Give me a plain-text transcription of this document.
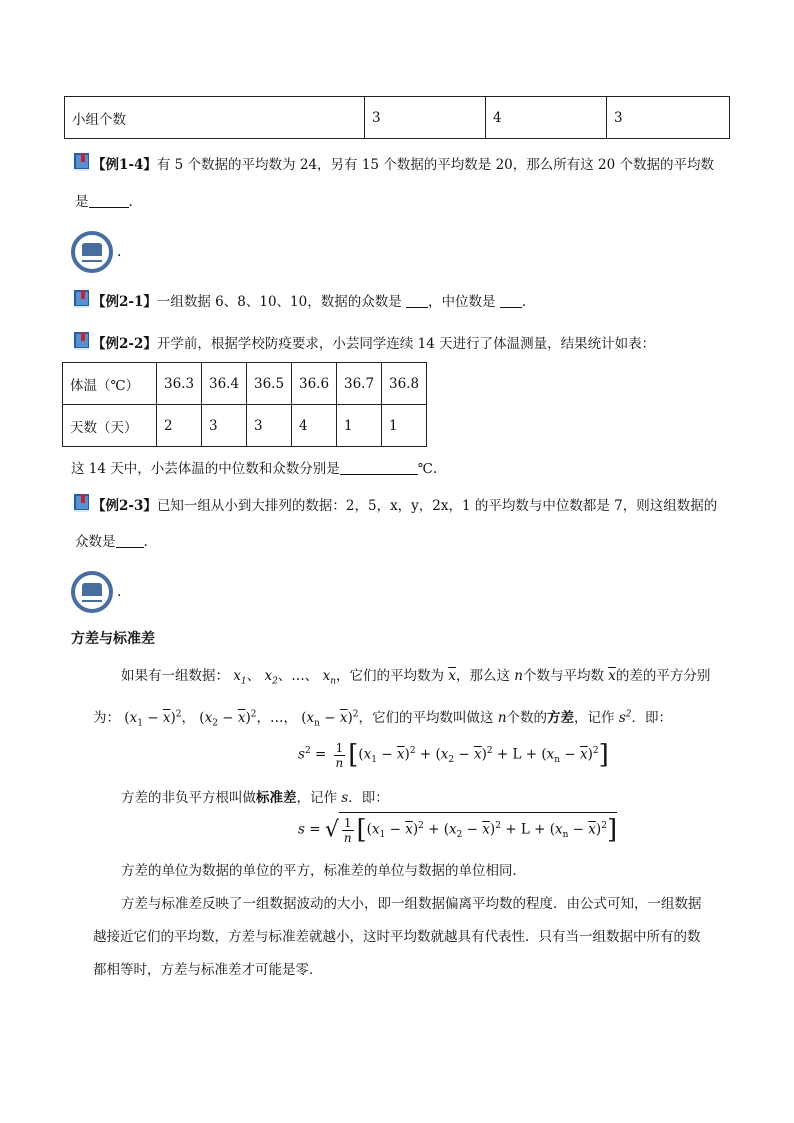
小组个数	3	4	3
【例1-4】有 5 个数据的平均数为 24，另有 15 个数据的平均数是 20，那么所有这 20 个数据的平均数
是	.
.
【例2-1】一组数据 6、8、10、10，数据的众数是 ，中位数是 .
【例2-2】开学前，根据学校防疫要求，小芸同学连续 14 天进行了体温测量，结果统计如表：
体温（℃）	36.3	36.4	36.5	36.6	36.7	36.8
天数（天）	2	3	3	4	1	1
这 14 天中，小芸体温的中位数和众数分别是	℃.
【例2-3】已知一组从小到大排列的数据：2，5，x，y，2x，1 的平均数与中位数都是 7，则这组数据的
众数是 .
.
方差与标准差
如果有一组数据： $x_1$、 $x_2$、…、 $x_n$，它们的平均数为 $\overline{x}$，那么这 n个数与平均数 $\overline{x}$的差的平方分别
为： $(x_1 - \overline{x})^2$， $(x_2 - \overline{x})^2$，…， $(x_n - \overline{x})^2$，它们的平均数叫做这 n个数的方差，记作 $s^2$．即：
$s^2 = \frac{1}{n} [(x_1 - \overline{x})^2 + (x_2 - \overline{x})^2 + L + (x_n - \overline{x})^2]$
方差的非负平方根叫做标准差，记作 s．即：
s = √ $\frac{1}{n} [(x_1 - \overline{x})^2 + (x_2 - \overline{x})^2 + L + (x_n - \overline{x})^2]$
方差的单位为数据的单位的平方，标准差的单位与数据的单位相同．
方差与标准差反映了一组数据波动的大小，即一组数据偏离平均数的程度．由公式可知，一组数据
越接近它们的平均数，方差与标准差就越小，这时平均数就越具有代表性．只有当一组数据中所有的数
都相等时，方差与标准差才可能是零．
